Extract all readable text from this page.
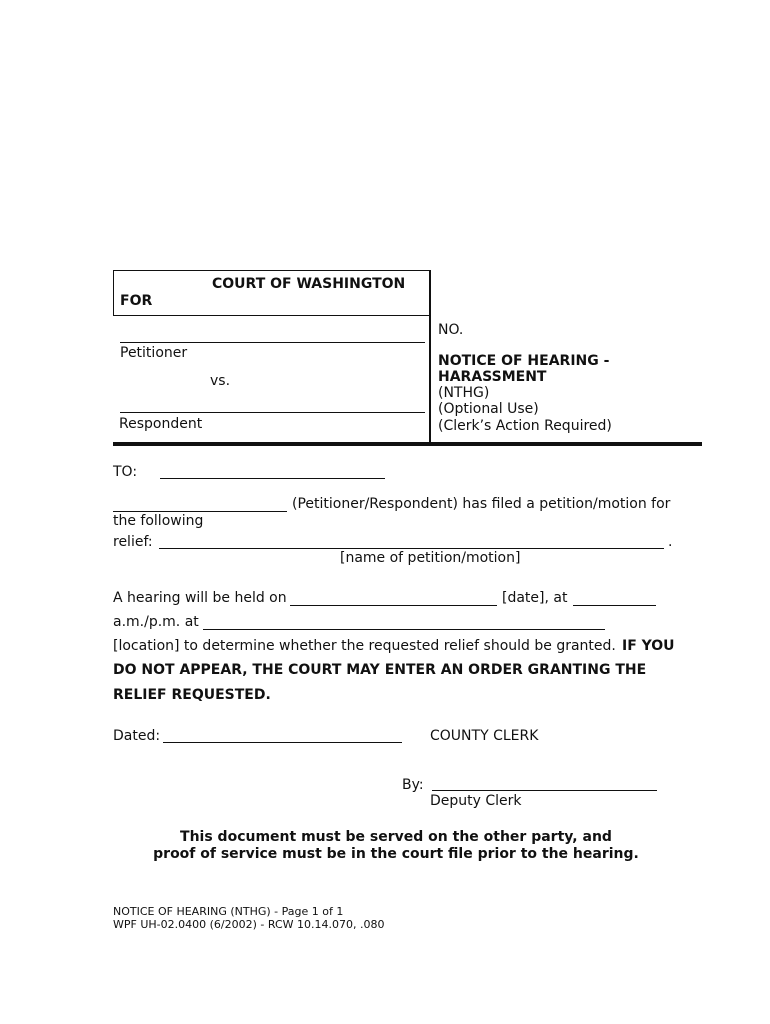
COURT OF WASHINGTON
FOR
Petitioner
vs.
Respondent
NO.
NOTICE OF HEARING -
HARASSMENT
(NTHG)
(Optional Use)
(Clerk’s Action Required)
TO:
(Petitioner/Respondent) has filed a petition/motion for
the following
relief:	.
[name of petition/motion]
A hearing will be held on	[date], at
a.m./p.m. at
[location] to determine whether the requested relief should be granted. IF YOU
DO NOT APPEAR, THE COURT MAY ENTER AN ORDER GRANTING THE
RELIEF REQUESTED.
Dated:	COUNTY CLERK
By:
Deputy Clerk
This document must be served on the other party, and
proof of service must be in the court file prior to the hearing.
NOTICE OF HEARING (NTHG) - Page 1 of 1
WPF UH-02.0400 (6/2002) - RCW 10.14.070, .080
